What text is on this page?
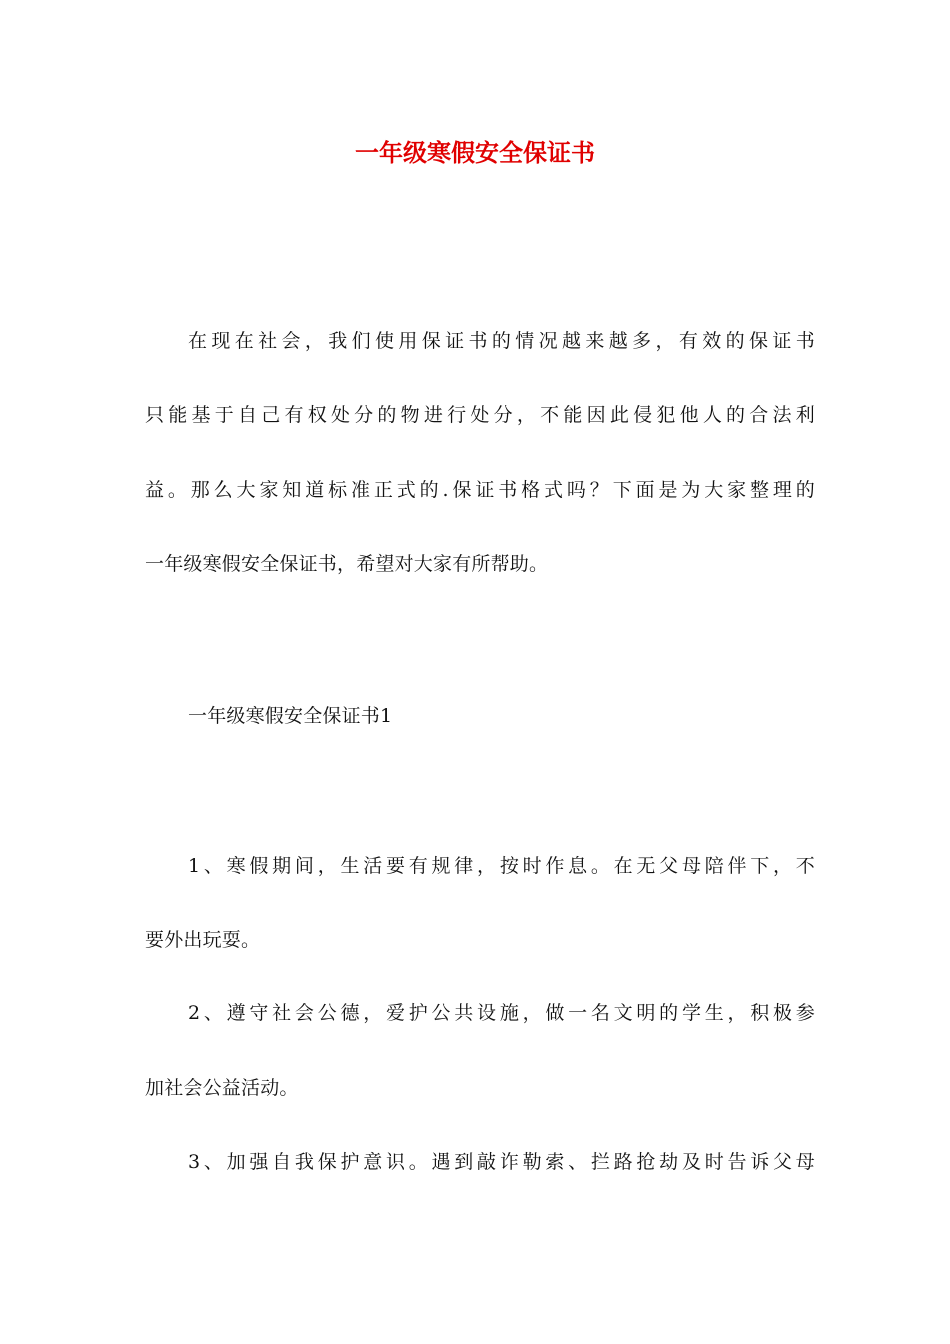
一年级寒假安全保证书

在现在社会，我们使用保证书的情况越来越多，有效的保证书

只能基于自己有权处分的物进行处分，不能因此侵犯他人的合法利

益。那么大家知道标准正式的.保证书格式吗？下面是为大家整理的

一年级寒假安全保证书，希望对大家有所帮助。

一年级寒假安全保证书1

1、寒假期间，生活要有规律，按时作息。在无父母陪伴下，不

要外出玩耍。

2、遵守社会公德，爱护公共设施，做一名文明的学生，积极参

加社会公益活动。

3、加强自我保护意识。遇到敲诈勒索、拦路抢劫及时告诉父母
